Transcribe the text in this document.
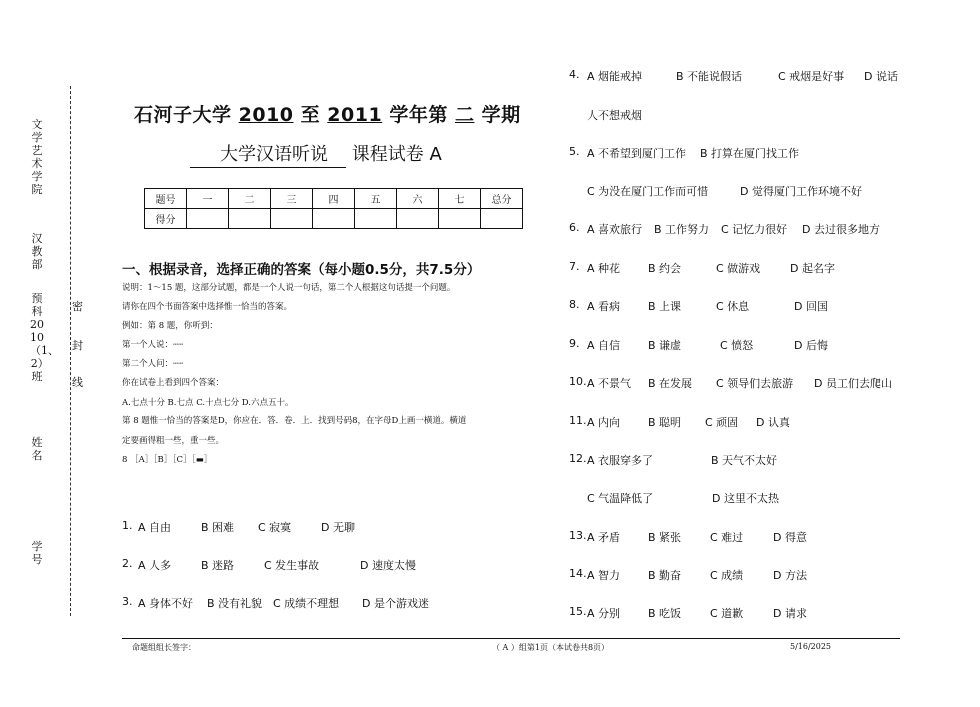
文学艺术学院
汉教部
预科2010（1、2）班
姓名
学号
密
封
线
石河子大学 2010 至 2011 学年第 二 学期
大学汉语听说 课程试卷 A
题号	一	二	三	四	五	六	七	总分
得分								
一、根据录音，选择正确的答案（每小题0.5分，共7.5分）
说明：1～15 题，这部分试题，都是一个人说一句话，第二个人根据这句话提一个问题。
请你在四个书面答案中选择惟一恰当的答案。
例如：第 8 题，你听到：
第一个人说：┄┄
第二个人问：┄┄
你在试卷上看到四个答案：
A.七点十分 B.七点 C.十点七分 D.六点五十。
第 8 题惟一恰当的答案是D，你应在．答．卷．上．找到号码8，在字母D上画一横道。横道
定要画得粗一些，重一些。
8 ［A］［B］［C］［▬］
1. A 自由	B 困难 C 寂寞	D 无聊
2. A 人多	B 迷路	C 发生事故	D 速度太慢
3. A 身体不好 B 没有礼貌 C 成绩不理想 D 是个游戏迷
4. A 烟能戒掉	B 不能说假话	C 戒烟是好事 D 说话
人不想戒烟
5. A 不希望到厦门工作 B 打算在厦门找工作
C 为没在厦门工作而可惜	D 觉得厦门工作环境不好
6. A 喜欢旅行 B 工作努力 C 记忆力很好 D 去过很多地方
7. A 种花	B 约会	C 做游戏	D 起名字
8. A 看病	B 上课	C 休息	D 回国
9. A 自信	B 谦虚	C 愤怒	D 后悔
10. A 不景气 B 在发展 C 领导们去旅游 D 员工们去爬山
11. A 内向	B 聪明 C 顽固 D 认真
12. A 衣服穿多了	B 天气不太好
C 气温降低了	D 这里不太热
13. A 矛盾	B 紧张	C 难过	D 得意
14. A 智力	B 勤奋	C 成绩	D 方法
15. A 分别	B 吃饭	C 道歉	D 请求
命题组组长签字：	（ A ）组第1页（本试卷共8页）	5/16/2025
